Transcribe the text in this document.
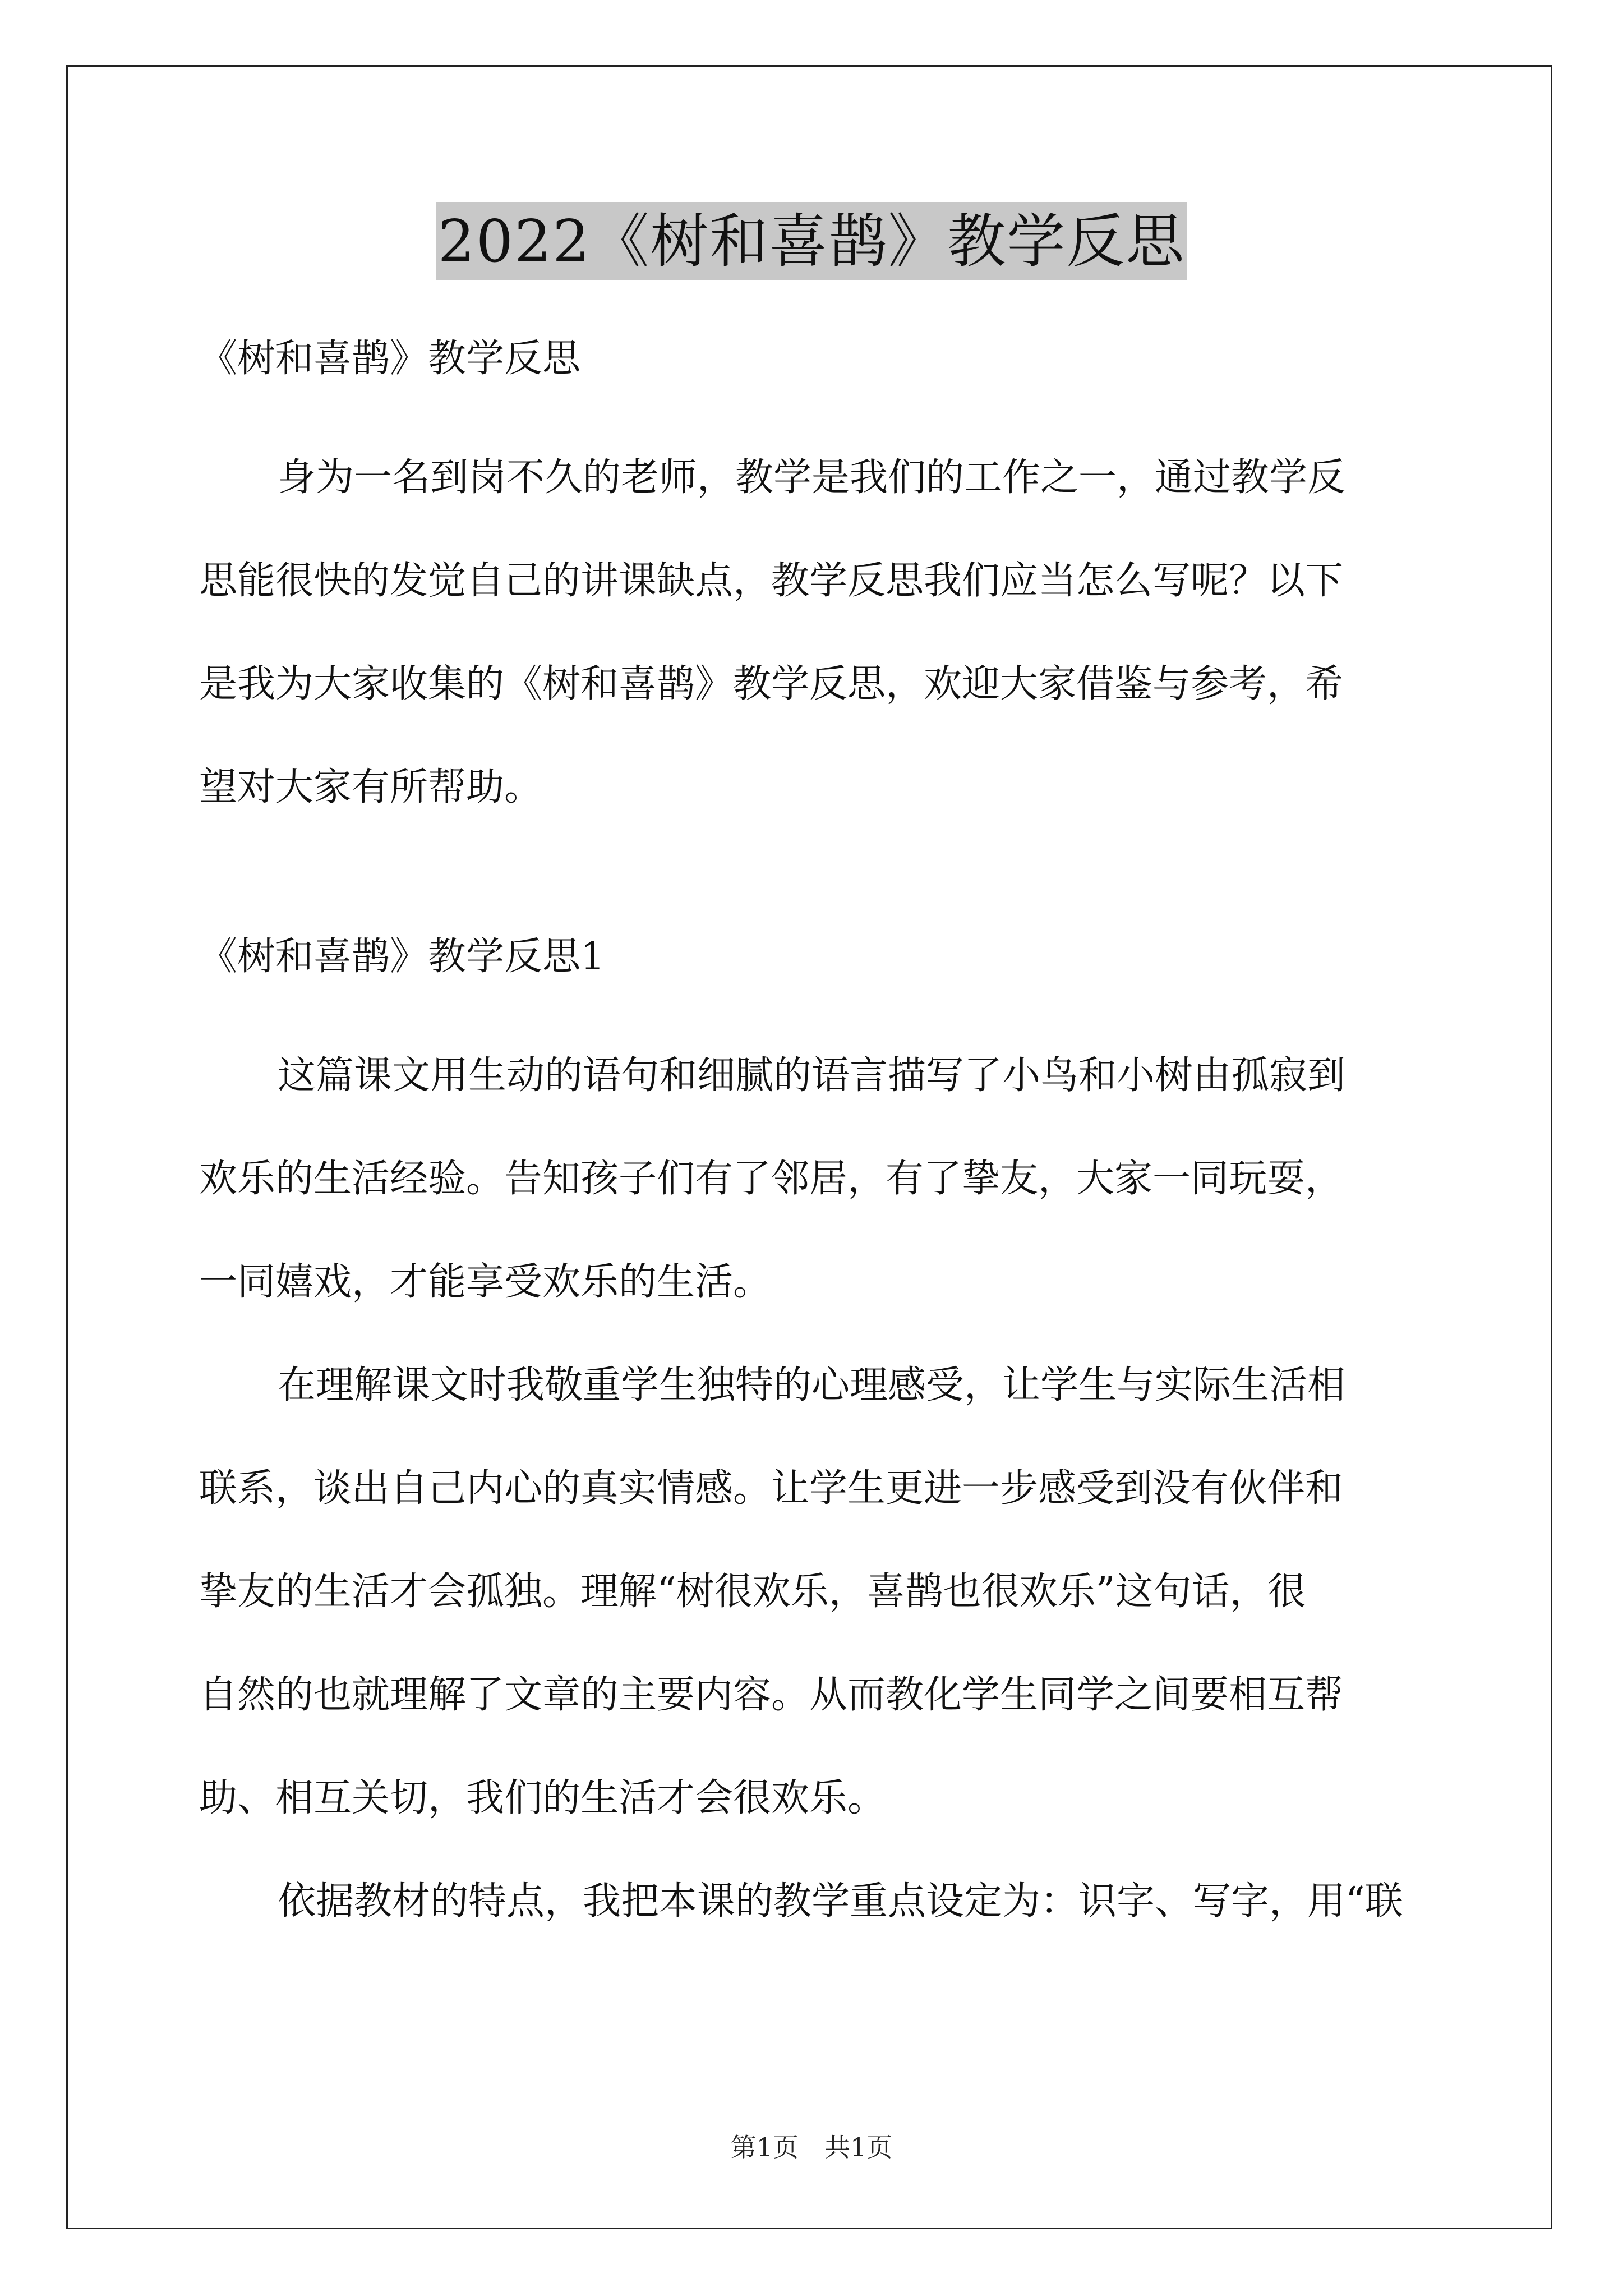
2022《树和喜鹊》教学反思
《树和喜鹊》教学反思
身为一名到岗不久的老师，教学是我们的工作之一，通过教学反
思能很快的发觉自己的讲课缺点，教学反思我们应当怎么写呢？以下
是我为大家收集的《树和喜鹊》教学反思，欢迎大家借鉴与参考，希
望对大家有所帮助。
《树和喜鹊》教学反思1
这篇课文用生动的语句和细腻的语言描写了小鸟和小树由孤寂到
欢乐的生活经验。告知孩子们有了邻居，有了挚友，大家一同玩耍，
一同嬉戏，才能享受欢乐的生活。
在理解课文时我敬重学生独特的心理感受，让学生与实际生活相
联系，谈出自己内心的真实情感。让学生更进一步感受到没有伙伴和
挚友的生活才会孤独。理解“树很欢乐，喜鹊也很欢乐”这句话，很
自然的也就理解了文章的主要内容。从而教化学生同学之间要相互帮
助、相互关切，我们的生活才会很欢乐。
依据教材的特点，我把本课的教学重点设定为：识字、写字，用“联
第1页　共1页
